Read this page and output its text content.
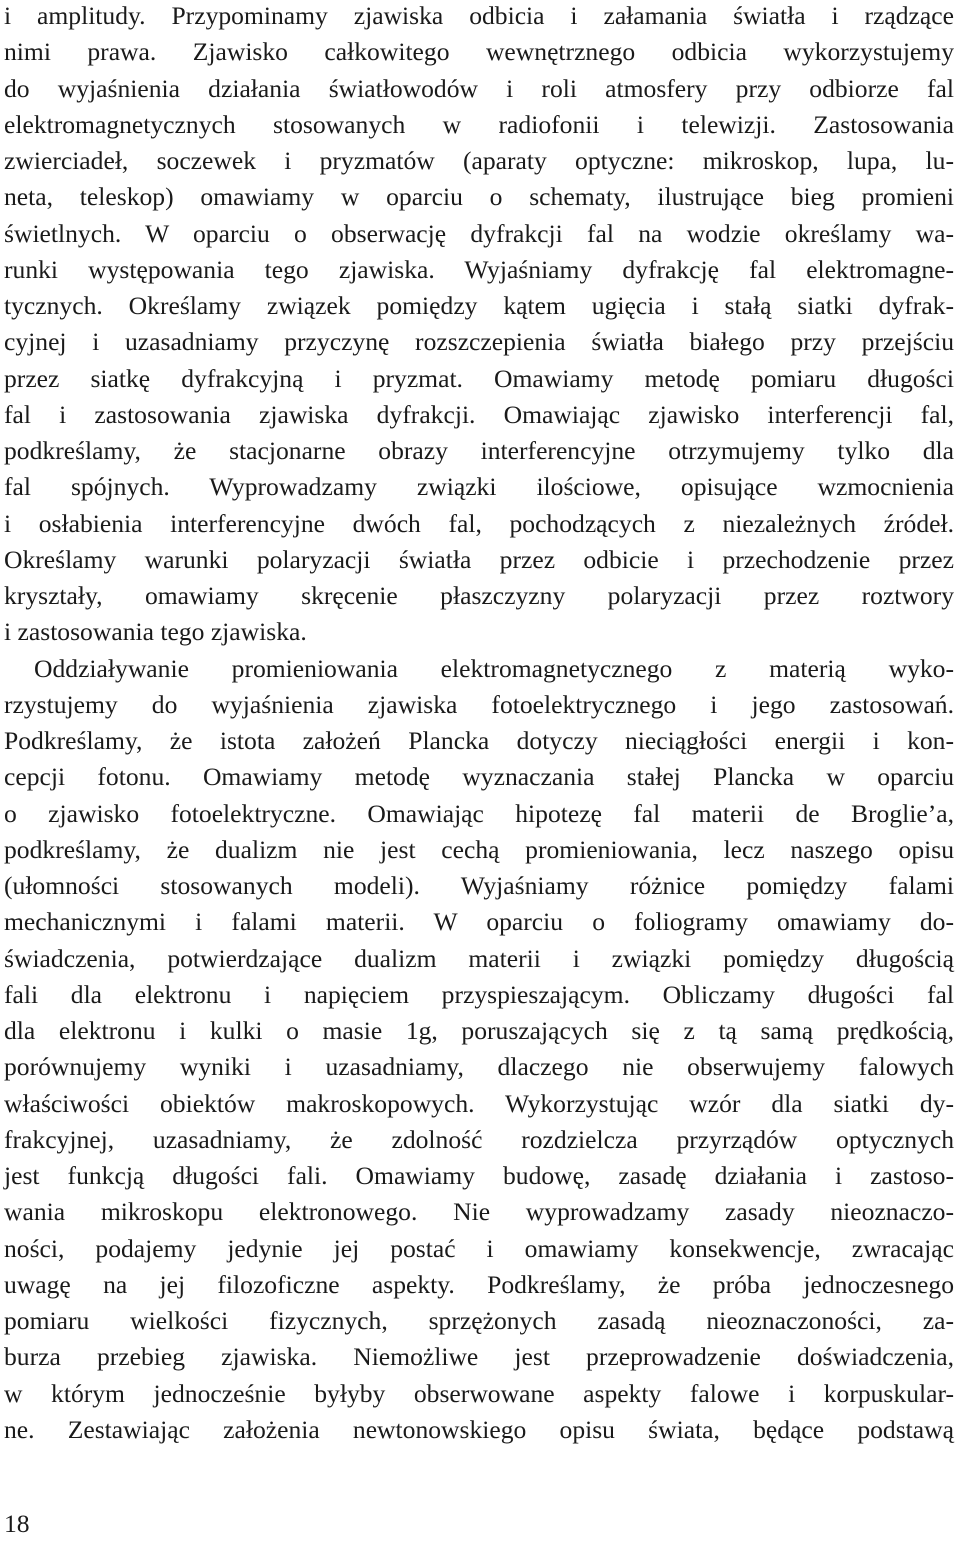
i amplitudy. Przypominamy zjawiska odbicia i załamania światła i rządzące
nimi prawa. Zjawisko całkowitego wewnętrznego odbicia wykorzystujemy
do wyjaśnienia działania światłowodów i roli atmosfery przy odbiorze fal
elektromagnetycznych stosowanych w radiofonii i telewizji. Zastosowania
zwierciadeł, soczewek i pryzmatów (aparaty optyczne: mikroskop, lupa, lu-
neta, teleskop) omawiamy w oparciu o schematy, ilustrujące bieg promieni
świetlnych. W oparciu o obserwację dyfrakcji fal na wodzie określamy wa-
runki występowania tego zjawiska. Wyjaśniamy dyfrakcję fal elektromagne-
tycznych. Określamy związek pomiędzy kątem ugięcia i stałą siatki dyfrak-
cyjnej i uzasadniamy przyczynę rozszczepienia światła białego przy przejściu
przez siatkę dyfrakcyjną i pryzmat. Omawiamy metodę pomiaru długości
fal i zastosowania zjawiska dyfrakcji. Omawiając zjawisko interferencji fal,
podkreślamy, że stacjonarne obrazy interferencyjne otrzymujemy tylko dla
fal spójnych. Wyprowadzamy związki ilościowe, opisujące wzmocnienia
i osłabienia interferencyjne dwóch fal, pochodzących z niezależnych źródeł.
Określamy warunki polaryzacji światła przez odbicie i przechodzenie przez
kryształy, omawiamy skręcenie płaszczyzny polaryzacji przez roztwory
i zastosowania tego zjawiska.
Oddziaływanie promieniowania elektromagnetycznego z materią wyko-
rzystujemy do wyjaśnienia zjawiska fotoelektrycznego i jego zastosowań.
Podkreślamy, że istota założeń Plancka dotyczy nieciągłości energii i kon-
cepcji fotonu. Omawiamy metodę wyznaczania stałej Plancka w oparciu
o zjawisko fotoelektryczne. Omawiając hipotezę fal materii de Broglie’a,
podkreślamy, że dualizm nie jest cechą promieniowania, lecz naszego opisu
(ułomności stosowanych modeli). Wyjaśniamy różnice pomiędzy falami
mechanicznymi i falami materii. W oparciu o foliogramy omawiamy do-
świadczenia, potwierdzające dualizm materii i związki pomiędzy długością
fali dla elektronu i napięciem przyspieszającym. Obliczamy długości fal
dla elektronu i kulki o masie 1g, poruszających się z tą samą prędkością,
porównujemy wyniki i uzasadniamy, dlaczego nie obserwujemy falowych
właściwości obiektów makroskopowych. Wykorzystując wzór dla siatki dy-
frakcyjnej, uzasadniamy, że zdolność rozdzielcza przyrządów optycznych
jest funkcją długości fali. Omawiamy budowę, zasadę działania i zastoso-
wania mikroskopu elektronowego. Nie wyprowadzamy zasady nieoznaczo-
ności, podajemy jedynie jej postać i omawiamy konsekwencje, zwracając
uwagę na jej filozoficzne aspekty. Podkreślamy, że próba jednoczesnego
pomiaru wielkości fizycznych, sprzężonych zasadą nieoznaczoności, za-
burza przebieg zjawiska. Niemożliwe jest przeprowadzenie doświadczenia,
w którym jednocześnie byłyby obserwowane aspekty falowe i korpuskular-
ne. Zestawiając założenia newtonowskiego opisu świata, będące podstawą
18
